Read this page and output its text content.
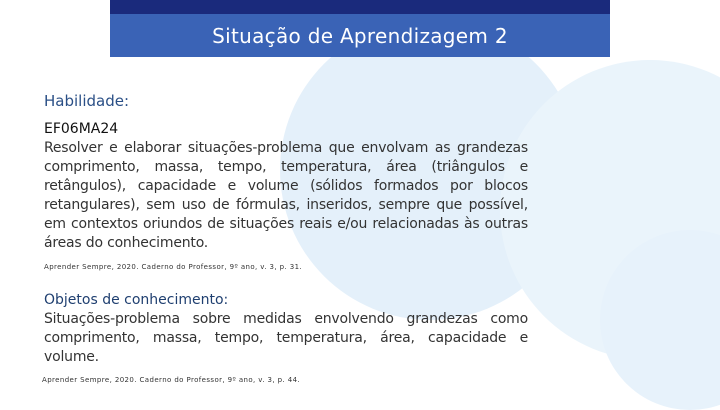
Situação de Aprendizagem 2
Habilidade:
EF06MA24

Resolver e elaborar situações-problema que envolvam as grandezas comprimento, massa, tempo, temperatura, área (triângulos e retângulos), capacidade e volume (sólidos formados por blocos retangulares), sem uso de fórmulas, inseridos, sempre que possível, em contextos oriundos de situações reais e/ou relacionadas às outras áreas do conhecimento.

Aprender Sempre, 2020. Caderno do Professor, 9º ano, v. 3, p. 31.
Objetos de conhecimento:

Situações-problema sobre medidas envolvendo grandezas como comprimento, massa, tempo, temperatura, área, capacidade e volume.

Aprender Sempre, 2020. Caderno do Professor, 9º ano, v. 3, p. 44.
